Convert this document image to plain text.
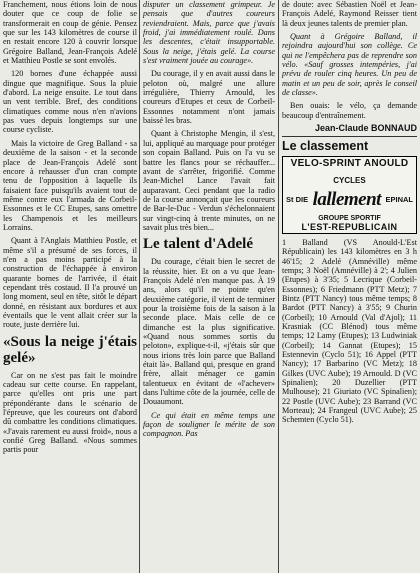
Franchement, nous étions loin de nous douter que ce coup de folie se transformerait en coup de génie. Pensez que sur les 143 kilomètres de course il en restait encore 120 à couvrir lorsque Grégoire Balland, Jean-François Adelé et Matthieu Postle se sont envolés.

120 bornes d'une échappée aussi dingue que magnifique. Sous la pluie d'abord. La neige ensuite. Le tout dans un vent terrible. Bref, des conditions climatiques comme nous n'en n'avions pas vues depuis longtemps sur une course cycliste.

Mais la victoire de Greg Balland - sa deuxième de la saison - et la seconde place de Jean-François Adelé sont encore à rehausser d'un cran compte tenu de l'opposition à laquelle ils faisaient face puisqu'ils avaient tout de même contre eux l'armada de Corbeil-Essonnes et le CC Etupes, sans omettre les Champenois et les meilleurs Lorrains.

Quant à l'Anglais Matthieu Postle, et même s'il a présumé de ses forces, il n'en a pas moins participé à la construction de l'échappée à environ quarante bornes de l'arrivée, il était cependant très costaud. Il l'a prouvé un long moment, seul en tête, sitôt le départ donné, en résistant aux bordures et aux éventails que le vent allait créer sur la route, juste derrière lui.

«Sous la neige j'étais gelé»

Car on ne s'est pas fait le moindre cadeau sur cette course. En rappelant, parce qu'elles ont pris une part prépondérante dans le scénario de l'épreuve, que les coureurs ont d'abord dû combattre les conditions climatiques. «J'avais rarement eu aussi froid», nous a confié Greg Balland. «Nous sommes partis pour

disputer un classement grimpeur. Je pensais que d'autres coureurs reviendraient. Mais, parce que j'avais froid, j'ai immédiatement roulé. Dans les descentes, c'était insupportable. Sous la neige, j'étais gelé. La course s'est vraiment jouée au courage».

Du courage, il y en avait aussi dans le peloton où, malgré une allure irrégulière, Thierry Arnould, les coureurs d'Etupes et ceux de Corbeil-Essonnes notamment n'ont jamais baissé les bras.

Quant à Christophe Mengin, il s'est, lui, appliqué au marquage pour protéger son copain Balland. Puis on l'a vu se battre les flancs pour se réchauffer... avant de s'arrêter, frigorifié. Comme Jean-Michel Lance l'avait fait auparavant. Ceci pendant que la radio de la course annonçait que les coureurs de Bar-le-Duc - Verdun s'échelonnaient sur vingt-cinq à trente minutes, on ne savait plus très bien...

Le talent d'Adelé

Du courage, c'était bien le secret de la réussite, hier. Et on a vu que Jean-François Adelé n'en manque pas. À 19 ans, alors qu'il ne pointe qu'en deuxième catégorie, il vient de terminer pour la troisième fois de la saison à la seconde place. Mais celle de ce dimanche est la plus significative. «Quand nous sommes sortis du peloton», explique-t-il, «j'étais sûr que nous irions très loin parce que Balland était là». Balland qui, presque en grand frère, allait ménager ce gamin talentueux en évitant de «l'achever» dans l'ultime côte de la journée, celle de Douaumont.

Ce qui était en même temps une façon de souligner le mérite de son compagnon. Pas

de doute: avec Sébastien Noël et Jean-François Adelé, Raymond Reisser tient là deux jeunes talents de premier plan.

Quant à Grégoire Balland, il rejoindra aujourd'hui son collège. Ce qui ne l'empêchera pas de reprendre son vélo. «Sauf grosses intempéries, j'ai prévu de rouler cinq heures. Un peu de matin et un peu de soir, après le conseil de classe».

Ben ouais: le vélo, ça demande beaucoup d'entraînement.

Jean-Claude BONNAUD
Le classement
VELO-SPRINT ANOULD
CYCLES
St DIE lallement EPINAL
GROUPE SPORTIF
L'EST-REPUBLICAIN

1 Balland (VS Anould-L'Est Républicain) les 143 kilomètres en 3 h 46'15; 2 Adelé (Amnéville) même temps; 3 Noël (Amnéville) à 2'; 4 Julien (Etupes) à 3'35; 5 Lecrique (Corbeil-Essonnes); 6 Friedmann (PTT Metz); 7 Bintz (PTT Nancy) tous même temps; 8 Bardot (PTT Nancy) à 3'55; 9 Churin (Corbeil); 10 Arnould (Val d'Ajol); 11 Krasniak (CC Blénod) tous même temps; 12 Lamy (Etupes); 13 Ludwiniak (Corbeil); 14 Gannat (Etupes); 15 Estennevin (Cyclo 51); 16 Appel (PTT Nancy); 17 Barbarino (VC Metz); 18 Gilkes (UVC Aube); 19 Arnould. D (VC Spinalien); 20 Duzellier (PTT Mulhouse); 21 Giuriato (VC Spinalien); 22 Postle (UVC Aube); 23 Barrand (VC Morteau); 24 Frangeul (UVC Aube); 25 Schemten (Cyclo 51).
